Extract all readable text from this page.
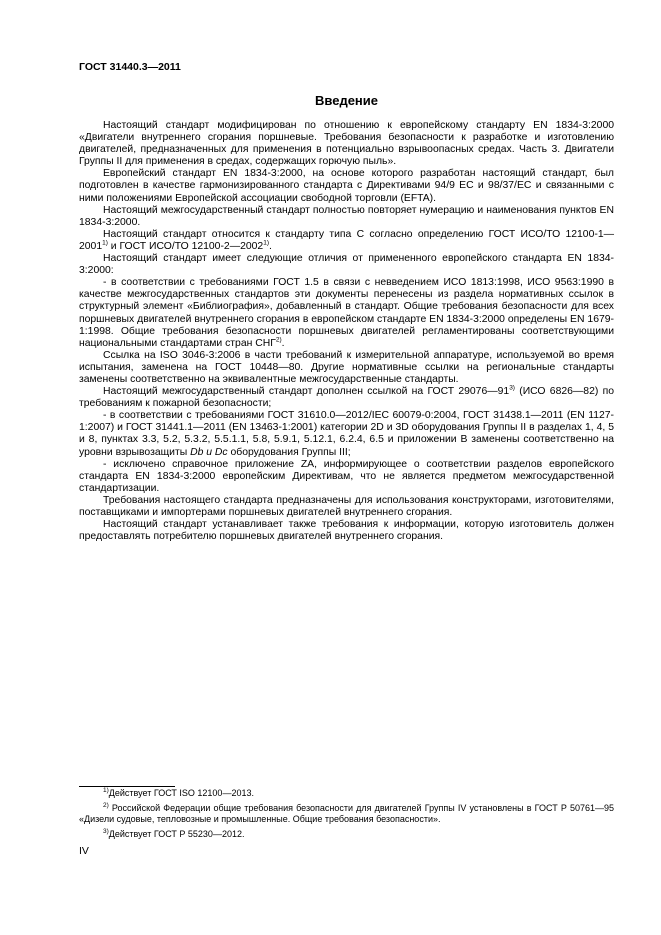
ГОСТ 31440.3—2011
Введение

Настоящий стандарт модифицирован по отношению к европейскому стандарту EN 1834-3:2000 «Двигатели внутреннего сгорания поршневые. Требования безопасности к разработке и изготовлению двигателей, предназначенных для применения в потенциально взрывоопасных средах. Часть 3. Двигатели Группы II для применения в средах, содержащих горючую пыль».

Европейский стандарт EN 1834-3:2000, на основе которого разработан настоящий стандарт, был подготовлен в качестве гармонизированного стандарта с Директивами 94/9 ЕС и 98/37/ЕС и связанными с ними положениями Европейской ассоциации свободной торговли (EFTA).

Настоящий межгосударственный стандарт полностью повторяет нумерацию и наименования пунктов EN 1834-3:2000.

Настоящий стандарт относится к стандарту типа С согласно определению ГОСТ ИСО/ТО 12100-1—2001$^{1)}$ и ГОСТ ИСО/ТО 12100-2—2002$^{1)}$.

Настоящий стандарт имеет следующие отличия от примененного европейского стандарта EN 1834-3:2000:

- в соответствии с требованиями ГОСТ 1.5 в связи с невведением ИСО 1813:1998, ИСО 9563:1990 в качестве межгосударственных стандартов эти документы перенесены из раздела нормативных ссылок в структурный элемент «Библиография», добавленный в стандарт. Общие требования безопасности для всех поршневых двигателей внутреннего сгорания в европейском стандарте EN 1834-3:2000 определены EN 1679-1:1998. Общие требования безопасности поршневых двигателей регламентированы соответствующими национальными стандартами стран СНГ$^{2)}$.

Ссылка на ISO 3046-3:2006 в части требований к измерительной аппаратуре, используемой во время испытания, заменена на ГОСТ 10448—80. Другие нормативные ссылки на региональные стандарты заменены соответственно на эквивалентные межгосударственные стандарты.

Настоящий межгосударственный стандарт дополнен ссылкой на ГОСТ 29076—91$^{3)}$ (ИСО 6826—82) по требованиям к пожарной безопасности;

- в соответствии с требованиями ГОСТ 31610.0—2012/IEC 60079-0:2004, ГОСТ 31438.1—2011 (EN 1127-1:2007) и ГОСТ 31441.1—2011 (EN 13463-1:2001) категории 2D и 3D оборудования Группы II в разделах 1, 4, 5 и 8, пунктах 3.3, 5.2, 5.3.2, 5.5.1.1, 5.8, 5.9.1, 5.12.1, 6.2.4, 6.5 и приложении В заменены соответственно на уровни взрывозащиты Db и Dc оборудования Группы III;

- исключено справочное приложение ZA, информирующее о соответствии разделов европейского стандарта EN 1834-3:2000 европейским Директивам, что не является предметом межгосударственной стандартизации.

Требования настоящего стандарта предназначены для использования конструкторами, изготовителями, поставщиками и импортерами поршневых двигателей внутреннего сгорания.

Настоящий стандарт устанавливает также требования к информации, которую изготовитель должен предоставлять потребителю поршневых двигателей внутреннего сгорания.

$^{1)}$Действует ГОСТ ISO 12100—2013.

$^{2)}$ Российской Федерации общие требования безопасности для двигателей Группы IV установлены в ГОСТ Р 50761—95 «Дизели судовые, тепловозные и промышленные. Общие требования безопасности».

$^{3)}$Действует ГОСТ Р 55230—2012.

IV
